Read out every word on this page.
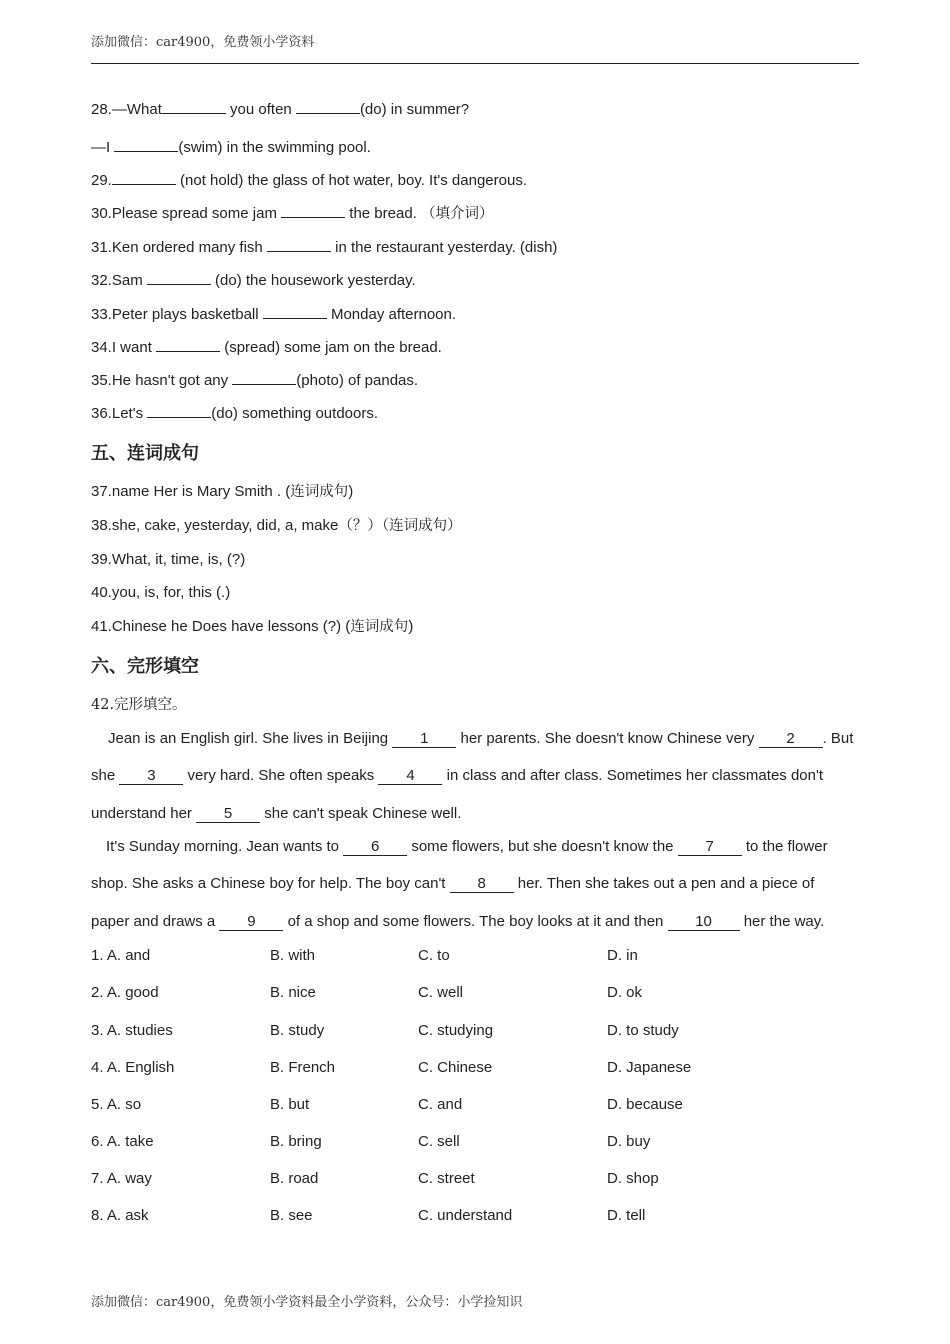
添加微信：car4900，免费领小学资料
28.—What	you often	(do) in summer?
—I	(swim) in the swimming pool.
29.	(not hold) the glass of hot water, boy. It's dangerous.
30.Please spread some jam	the bread. （填介词）
31.Ken ordered many fish	in the restaurant yesterday. (dish)
32.Sam	(do) the housework yesterday.
33.Peter plays basketball	Monday afternoon.
34.I want	(spread) some jam on the bread.
35.He hasn't got any	(photo) of pandas.
36.Let's	(do) something outdoors.
五、连词成句
37.name Her is Mary Smith . (连词成句)
38.she, cake, yesterday, did, a, make（？）（连词成句）
39.What, it, time, is, (?)
40.you, is, for, this (.)
41.Chinese he Does have lessons (?) (连词成句)
六、完形填空
42.完形填空。
Jean is an English girl. She lives in Beijing 1 her parents. She doesn't know Chinese very 2 . But
she 3 very hard. She often speaks 4 in class and after class. Sometimes her classmates don't
understand her 5 she can't speak Chinese well.
It's Sunday morning. Jean wants to 6 some flowers, but she doesn't know the 7 to the flower
shop. She asks a Chinese boy for help. The boy can't 8 her. Then she takes out a pen and a piece of
paper and draws a 9 of a shop and some flowers. The boy looks at it and then 10 her the way.
1. A. and	B. with	C. to	D. in
2. A. good	B. nice	C. well	D. ok
3. A. studies	B. study	C. studying	D. to study
4. A. English	B. French	C. Chinese	D. Japanese
5. A. so	B. but	C. and	D. because
6. A. take	B. bring	C. sell	D. buy
7. A. way	B. road	C. street	D. shop
8. A. ask	B. see	C. understand	D. tell
添加微信：car4900，免费领小学资料最全小学资料，公众号：小学捡知识
